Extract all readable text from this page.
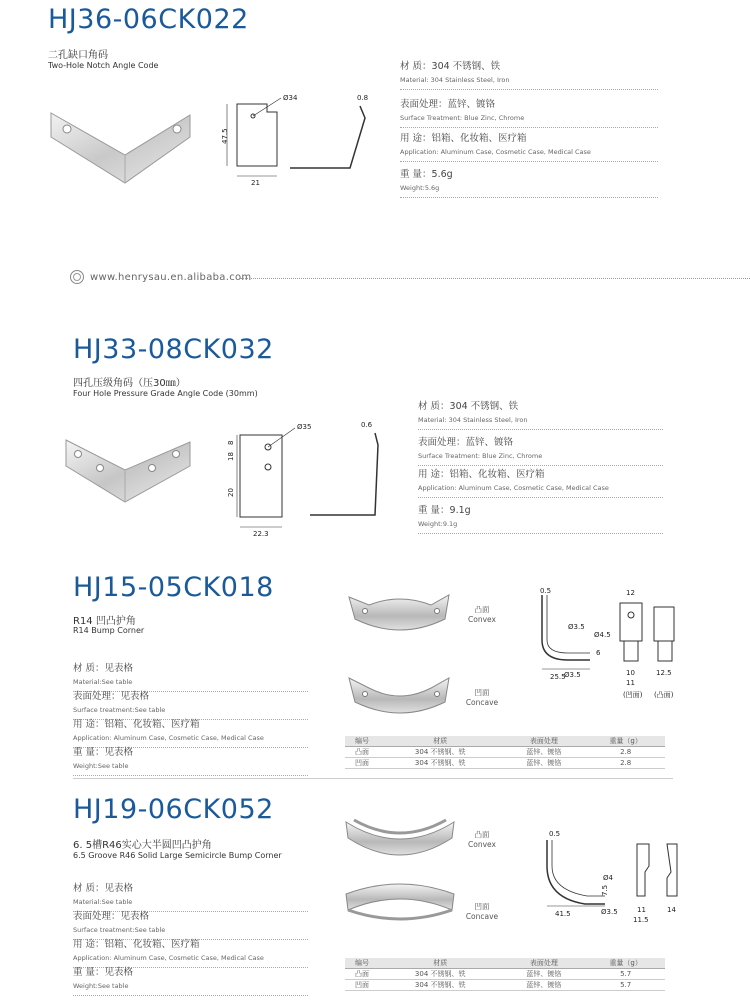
HJ36-06CK022
二孔缺口角码
Two-Hole Notch Angle Code
Ø34
47.5
21
0.8
材 质：304 不锈钢、铁
Material: 304 Stainless Steel, Iron
表面处理：蓝锌、镀铬
Surface Treatment: Blue Zinc, Chrome
用 途：铝箱、化妆箱、医疗箱
Application: Aluminum Case, Cosmetic Case, Medical Case
重 量：5.6g
Weight:5.6g
www.henrysau.en.alibaba.com
HJ33-08CK032
四孔压级角码（压30㎜）
Four Hole Pressure Grade Angle Code (30mm)
Ø35
8
18
20
22.3
0.6
材 质：304 不锈钢、铁
Material: 304 Stainless Steel, Iron
表面处理：蓝锌、镀铬
Surface Treatment: Blue Zinc, Chrome
用 途：铝箱、化妆箱、医疗箱
Application: Aluminum Case, Cosmetic Case, Medical Case
重 量：9.1g
Weight:9.1g
HJ15-05CK018
R14 凹凸护角
R14 Bump Corner
材 质：见表格
Material:See table
表面处理：见表格
Surface treatment:See table
用 途：铝箱、化妆箱、医疗箱
Application: Aluminum Case, Cosmetic Case, Medical Case
重 量：见表格
Weight:See table
凸面
Convex
凹面
Concave
0.5
Ø3.5
Ø4.5
6
Ø3.5
25.5
12
10
11
(凹面)
12.5
(凸面)
编号	材质	表面处理	重量（g）
凸面	304 不锈钢、铁	蓝锌、镀铬	2.8
凹面	304 不锈钢、铁	蓝锌、镀铬	2.8
HJ19-06CK052
6. 5槽R46实心大半圆凹凸护角
6.5 Groove R46 Solid Large Semicircle Bump Corner
材 质：见表格
Material:See table
表面处理：见表格
Surface treatment:See table
用 途：铝箱、化妆箱、医疗箱
Application: Aluminum Case, Cosmetic Case, Medical Case
重 量：见表格
Weight:See table
凸面
Convex
凹面
Concave
0.5
Ø4
7.5
Ø3.5
41.5	11
11.5
14
编号	材质	表面处理	重量（g）
凸面	304 不锈钢、铁	蓝锌、镀铬	5.7
凹面	304 不锈钢、铁	蓝锌、镀铬	5.7
